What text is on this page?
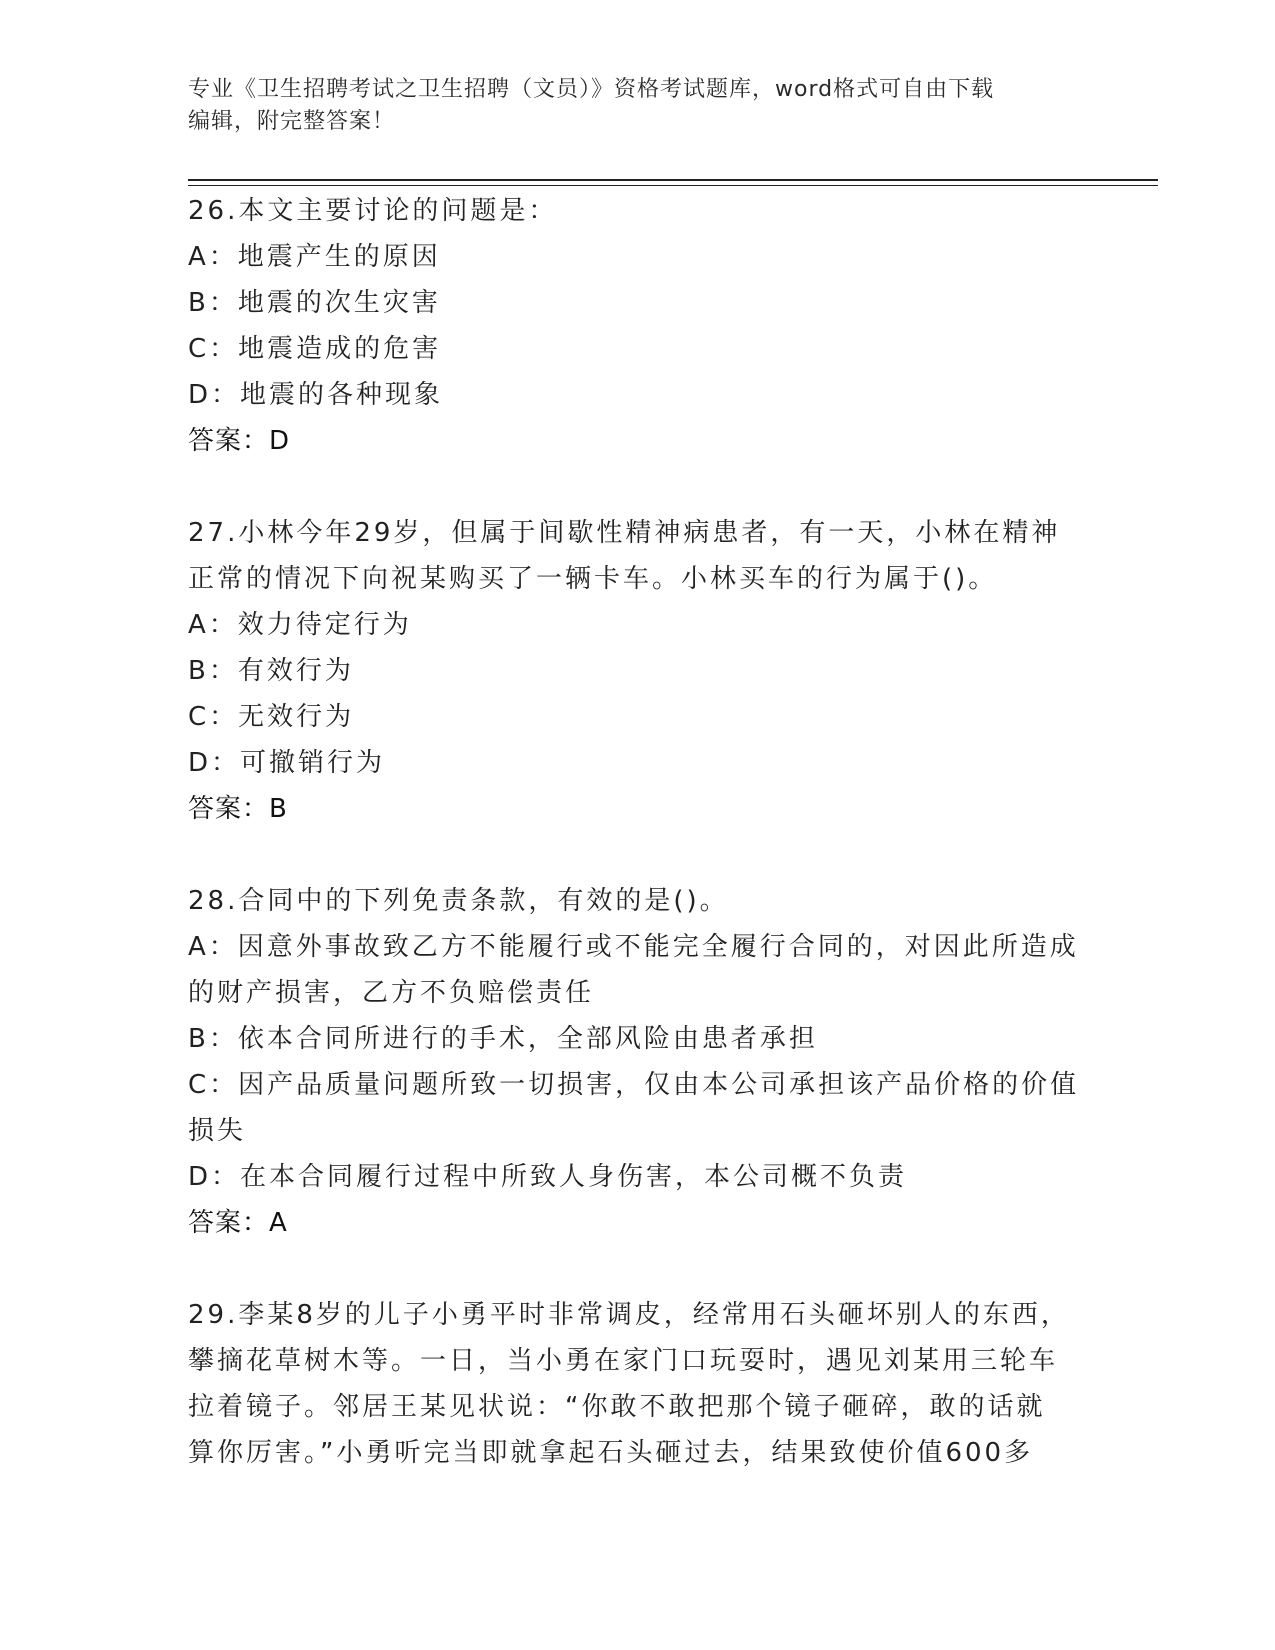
专业《卫生招聘考试之卫生招聘（文员）》资格考试题库，word格式可自由下载
编辑，附完整答案！
26.本文主要讨论的问题是：
A：地震产生的原因
B：地震的次生灾害
C：地震造成的危害
D：地震的各种现象
答案：D
27.小林今年29岁，但属于间歇性精神病患者，有一天，小林在精神
正常的情况下向祝某购买了一辆卡车。小林买车的行为属于()。
A：效力待定行为
B：有效行为
C：无效行为
D：可撤销行为
答案：B
28.合同中的下列免责条款，有效的是()。
A：因意外事故致乙方不能履行或不能完全履行合同的，对因此所造成
的财产损害，乙方不负赔偿责任
B：依本合同所进行的手术，全部风险由患者承担
C：因产品质量问题所致一切损害，仅由本公司承担该产品价格的价值
损失
D：在本合同履行过程中所致人身伤害，本公司概不负责
答案：A
29.李某8岁的儿子小勇平时非常调皮，经常用石头砸坏别人的东西，
攀摘花草树木等。一日，当小勇在家门口玩耍时，遇见刘某用三轮车
拉着镜子。邻居王某见状说：“你敢不敢把那个镜子砸碎，敢的话就
算你厉害。”小勇听完当即就拿起石头砸过去，结果致使价值600多
